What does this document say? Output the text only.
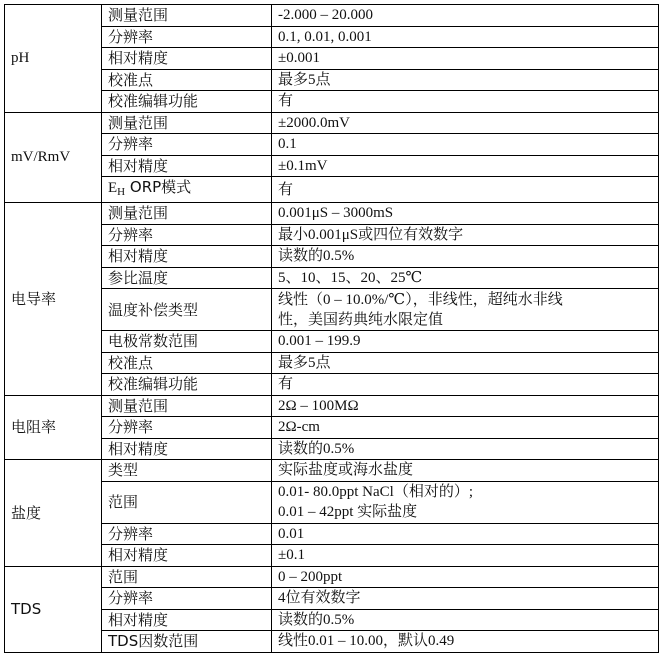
pH	测量范围	-2.000 – 20.000
	分辨率	0.1, 0.01, 0.001
	相对精度	±0.001
	校准点	最多5点
	校准编辑功能	有
mV/RmV	测量范围	±2000.0mV
	分辨率	0.1
	相对精度	±0.1mV
	$E_H$ ORP模式	有
电导率	测量范围	0.001μS – 3000mS
	分辨率	最小0.001μS或四位有效数字
	相对精度	读数的0.5%
	参比温度	5、10、15、20、25℃
	温度补偿类型	线性（0 – 10.0%/℃），非线性，超纯水非线
性，美国药典纯水限定值

	电极常数范围	0.001 – 199.9
	校准点	最多5点
	校准编辑功能	有
电阻率	测量范围	2Ω – 100MΩ
	分辨率	2Ω-cm
	相对精度	读数的0.5%
盐度	类型	实际盐度或海水盐度
	范围	0.01- 80.0ppt NaCl（相对的）;
0.01 – 42ppt 实际盐度

	分辨率	0.01
	相对精度	±0.1
TDS	范围	0 – 200ppt
	分辨率	4位有效数字
	相对精度	读数的0.5%
	TDS因数范围	线性0.01 – 10.00，默认0.49
